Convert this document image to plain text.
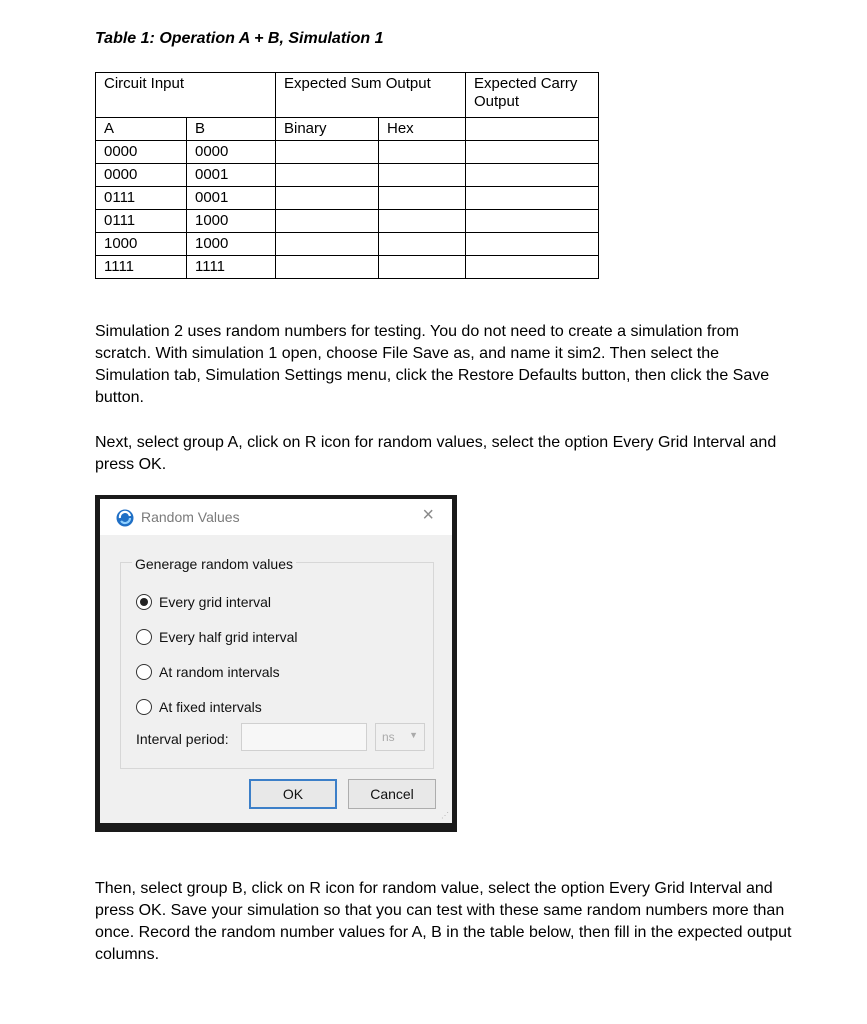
Table 1: Operation A + B, Simulation 1
Circuit Input		Expected Sum Output		Expected Carry Output
A	B	Binary	Hex	
0000	0000			
0000	0001			
0111	0001			
0111	1000			
1000	1000			
1111	1111			
Simulation 2 uses random numbers for testing. You do not need to create a simulation from scratch. With simulation 1 open, choose File Save as, and name it sim2. Then select the Simulation tab, Simulation Settings menu, click the Restore Defaults button, then click the Save button.
Next, select group A, click on R icon for random values, select the option Every Grid Interval and press OK.
Random Values	×
Generage random values
Every grid interval
Every half grid interval
At random intervals
At fixed intervals
Interval period:	ns ▼
OK	Cancel
⋰
Then, select group B, click on R icon for random value, select the option Every Grid Interval and press OK. Save your simulation so that you can test with these same random numbers more than once. Record the random number values for A, B in the table below, then fill in the expected output columns.
